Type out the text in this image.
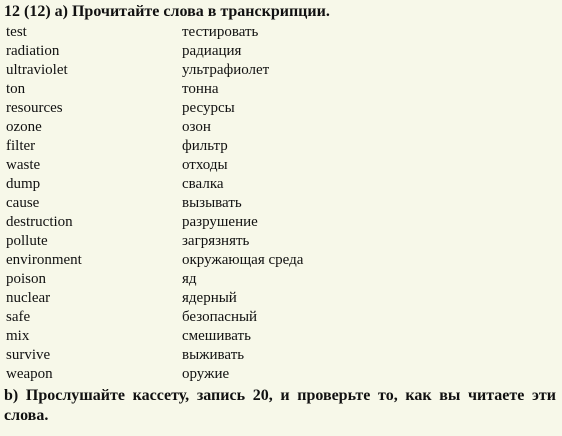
12 (12) a) Прочитайте слова в транскрипции.
test	тестировать
radiation	радиация
ultraviolet	ультрафиолет
ton	тонна
resources	ресурсы
ozone	озон
filter	фильтр
waste	отходы
dump	свалка
cause	вызывать
destruction	разрушение
pollute	загрязнять
environment	окружающая среда
poison	яд
nuclear	ядерный
safe	безопасный
mix	смешивать
survive	выживать
weapon	оружие
b) Прослушайте кассету, запись 20, и проверьте то, как вы читаете эти слова.
